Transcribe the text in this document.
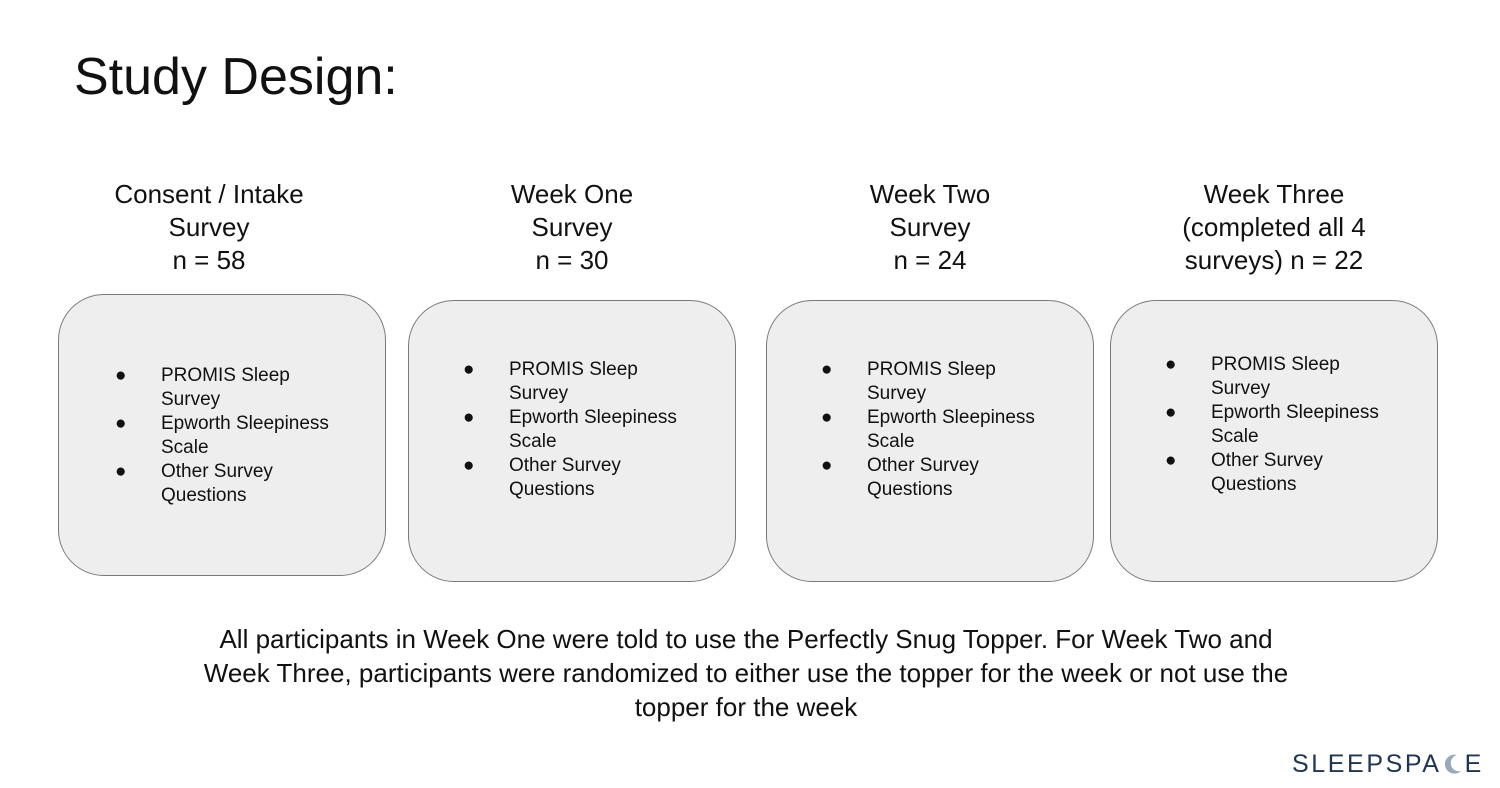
Study Design:
Consent / Intake
Survey
n = 58
● PROMIS Sleep Survey
● Epworth Sleepiness Scale
● Other Survey Questions
Week One
Survey
n = 30
● PROMIS Sleep Survey
● Epworth Sleepiness Scale
● Other Survey Questions
Week Two
Survey
n = 24
● PROMIS Sleep Survey
● Epworth Sleepiness Scale
● Other Survey Questions
Week Three
(completed all 4
surveys) n = 22
● PROMIS Sleep Survey
● Epworth Sleepiness Scale
● Other Survey Questions
All participants in Week One were told to use the Perfectly Snug Topper. For Week Two and Week Three, participants were randomized to either use the topper for the week or not use the topper for the week
SLEEPSPA E
